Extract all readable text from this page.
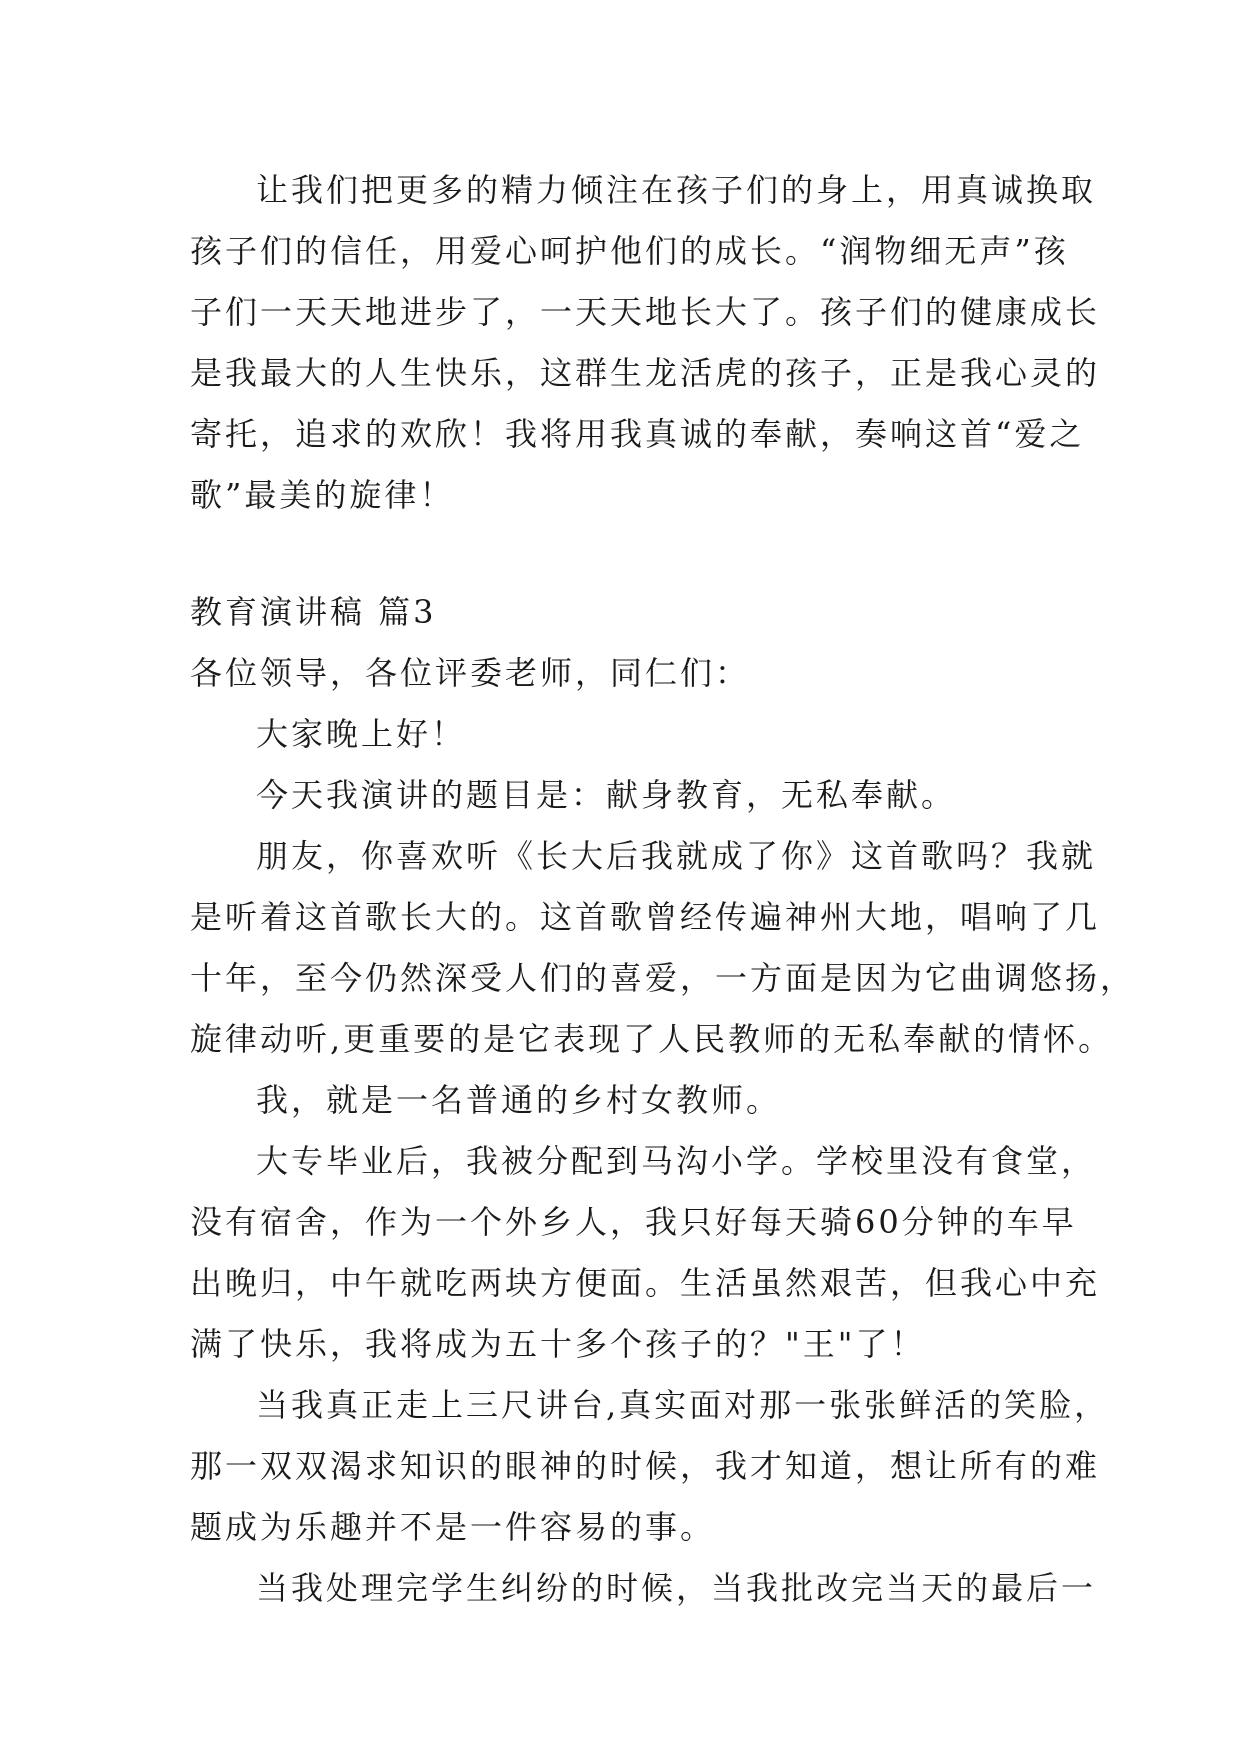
让我们把更多的精力倾注在孩子们的身上，用真诚换取
孩子们的信任，用爱心呵护他们的成长。“润物细无声”孩
子们一天天地进步了，一天天地长大了。孩子们的健康成长
是我最大的人生快乐，这群生龙活虎的孩子，正是我心灵的
寄托，追求的欢欣！我将用我真诚的奉献，奏响这首“爱之
歌”最美的旋律！
教育演讲稿 篇3
各位领导，各位评委老师，同仁们：
大家晚上好！
今天我演讲的题目是：献身教育，无私奉献。
朋友，你喜欢听《长大后我就成了你》这首歌吗？我就
是听着这首歌长大的。这首歌曾经传遍神州大地，唱响了几
十年，至今仍然深受人们的喜爱，一方面是因为它曲调悠扬，
旋律动听,更重要的是它表现了人民教师的无私奉献的情怀。
我，就是一名普通的乡村女教师。
大专毕业后，我被分配到马沟小学。学校里没有食堂，
没有宿舍，作为一个外乡人，我只好每天骑60分钟的车早
出晚归，中午就吃两块方便面。生活虽然艰苦，但我心中充
满了快乐，我将成为五十多个孩子的？"王"了！
当我真正走上三尺讲台,真实面对那一张张鲜活的笑脸，
那一双双渴求知识的眼神的时候，我才知道，想让所有的难
题成为乐趣并不是一件容易的事。
当我处理完学生纠纷的时候，当我批改完当天的最后一
